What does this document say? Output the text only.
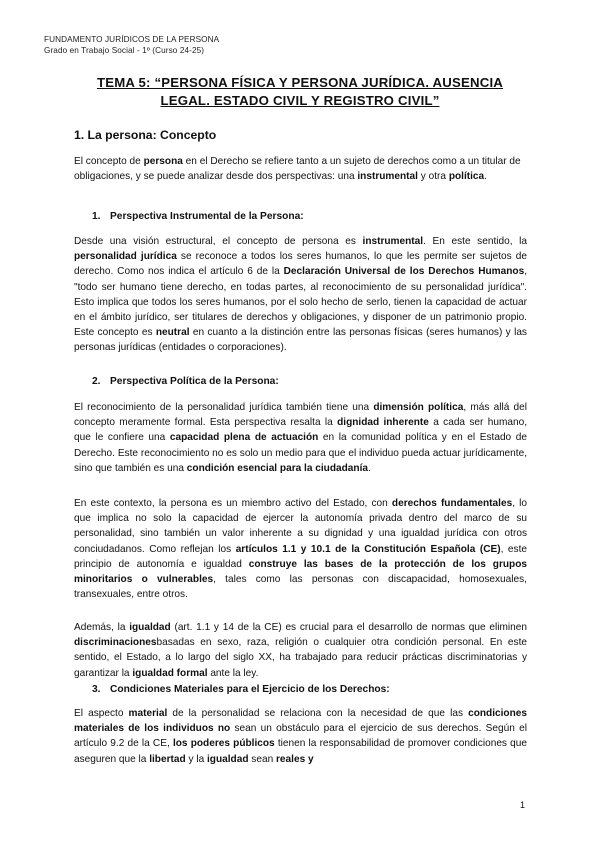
FUNDAMENTO JURÍDICOS DE LA PERSONA
Grado en Trabajo Social - 1º (Curso 24-25)
TEMA 5: “PERSONA FÍSICA Y PERSONA JURÍDICA. AUSENCIA
LEGAL. ESTADO CIVIL Y REGISTRO CIVIL”
1. La persona: Concepto

El concepto de persona en el Derecho se refiere tanto a un sujeto de derechos como a un titular de obligaciones, y se puede analizar desde dos perspectivas: una instrumental y otra política.

1. Perspectiva Instrumental de la Persona:

Desde una visión estructural, el concepto de persona es instrumental. En este sentido, la personalidad jurídica se reconoce a todos los seres humanos, lo que les permite ser sujetos de derecho. Como nos indica el artículo 6 de la Declaración Universal de los Derechos Humanos, "todo ser humano tiene derecho, en todas partes, al reconocimiento de su personalidad jurídica". Esto implica que todos los seres humanos, por el solo hecho de serlo, tienen la capacidad de actuar en el ámbito jurídico, ser titulares de derechos y obligaciones, y disponer de un patrimonio propio. Este concepto es neutral en cuanto a la distinción entre las personas físicas (seres humanos) y las personas jurídicas (entidades o corporaciones).

2. Perspectiva Política de la Persona:

El reconocimiento de la personalidad jurídica también tiene una dimensión política, más allá del concepto meramente formal. Esta perspectiva resalta la dignidad inherente a cada ser humano, que le confiere una capacidad plena de actuación en la comunidad política y en el Estado de Derecho. Este reconocimiento no es solo un medio para que el individuo pueda actuar jurídicamente, sino que también es una condición esencial para la ciudadanía.

En este contexto, la persona es un miembro activo del Estado, con derechos fundamentales, lo que implica no solo la capacidad de ejercer la autonomía privada dentro del marco de su personalidad, sino también un valor inherente a su dignidad y una igualdad jurídica con otros conciudadanos. Como reflejan los artículos 1.1 y 10.1 de la Constitución Española (CE), este principio de autonomía e igualdad construye las bases de la protección de los grupos minoritarios o vulnerables, tales como las personas con discapacidad, homosexuales, transexuales, entre otros.

Además, la igualdad (art. 1.1 y 14 de la CE) es crucial para el desarrollo de normas que eliminen discriminacionesbasadas en sexo, raza, religión o cualquier otra condición personal. En este sentido, el Estado, a lo largo del siglo XX, ha trabajado para reducir prácticas discriminatorias y garantizar la igualdad formal ante la ley.

3. Condiciones Materiales para el Ejercicio de los Derechos:

El aspecto material de la personalidad se relaciona con la necesidad de que las condiciones materiales de los individuos no sean un obstáculo para el ejercicio de sus derechos. Según el artículo 9.2 de la CE, los poderes públicos tienen la responsabilidad de promover condiciones que aseguren que la libertad y la igualdad sean reales y

1
